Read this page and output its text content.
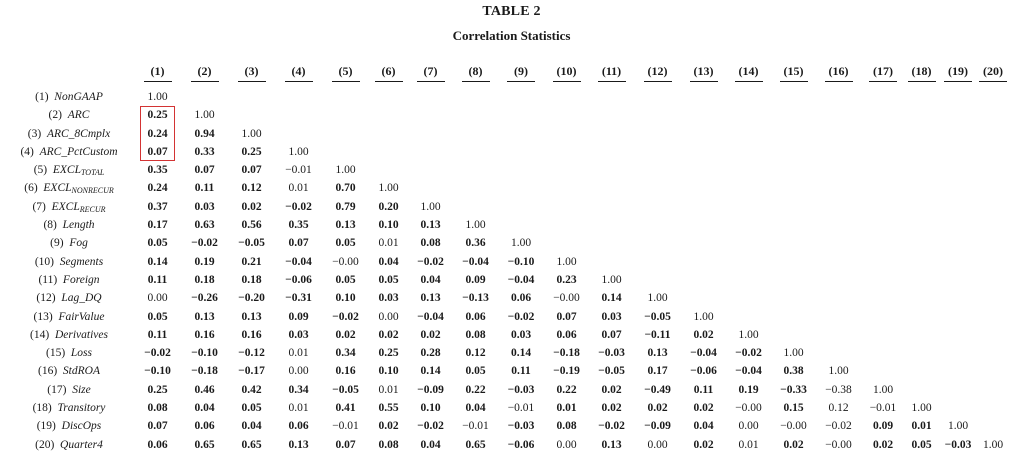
TABLE 2
Correlation Statistics
	(1)	(2)	(3)	(4)	(5)	(6)	(7)	(8)	(9)	(10)	(11)	(12)	(13)	(14)	(15)	(16)	(17)	(18)	(19)	(20)

(1)  NonGAAP	1.00																			
(2)  ARC	0.25	1.00																		
(3)  ARC_8Cmplx	0.24	0.94	1.00																	
(4)  ARC_PctCustom	0.07	0.33	0.25	1.00																
(5)  $EXCL_{TOTAL}$	0.35	0.07	0.07	−0.01	1.00															
(6)  $EXCL_{NONRECUR}$	0.24	0.11	0.12	0.01	0.70	1.00														
(7)  $EXCL_{RECUR}$	0.37	0.03	0.02	−0.02	0.79	0.20	1.00													
(8)  Length	0.17	0.63	0.56	0.35	0.13	0.10	0.13	1.00												
(9)  Fog	0.05	−0.02	−0.05	0.07	0.05	0.01	0.08	0.36	1.00											
(10)  Segments	0.14	0.19	0.21	−0.04	−0.00	0.04	−0.02	−0.04	−0.10	1.00										
(11)  Foreign	0.11	0.18	0.18	−0.06	0.05	0.05	0.04	0.09	−0.04	0.23	1.00									
(12)  Lag_DQ	0.00	−0.26	−0.20	−0.31	0.10	0.03	0.13	−0.13	0.06	−0.00	0.14	1.00								
(13)  FairValue	0.05	0.13	0.13	0.09	−0.02	0.00	−0.04	0.06	−0.02	0.07	0.03	−0.05	1.00							
(14)  Derivatives	0.11	0.16	0.16	0.03	0.02	0.02	0.02	0.08	0.03	0.06	0.07	−0.11	0.02	1.00						
(15)  Loss	−0.02	−0.10	−0.12	0.01	0.34	0.25	0.28	0.12	0.14	−0.18	−0.03	0.13	−0.04	−0.02	1.00					
(16)  StdROA	−0.10	−0.18	−0.17	0.00	0.16	0.10	0.14	0.05	0.11	−0.19	−0.05	0.17	−0.06	−0.04	0.38	1.00				
(17)  Size	0.25	0.46	0.42	0.34	−0.05	0.01	−0.09	0.22	−0.03	0.22	0.02	−0.49	0.11	0.19	−0.33	−0.38	1.00			
(18)  Transitory	0.08	0.04	0.05	0.01	0.41	0.55	0.10	0.04	−0.01	0.01	0.02	0.02	0.02	−0.00	0.15	0.12	−0.01	1.00		
(19)  DiscOps	0.07	0.06	0.04	0.06	−0.01	0.02	−0.02	−0.01	−0.03	0.08	−0.02	−0.09	0.04	0.00	−0.00	−0.02	0.09	0.01	1.00	
(20)  Quarter4	0.06	0.65	0.65	0.13	0.07	0.08	0.04	0.65	−0.06	0.00	0.13	0.00	0.02	0.01	0.02	−0.00	0.02	0.05	−0.03	1.00
